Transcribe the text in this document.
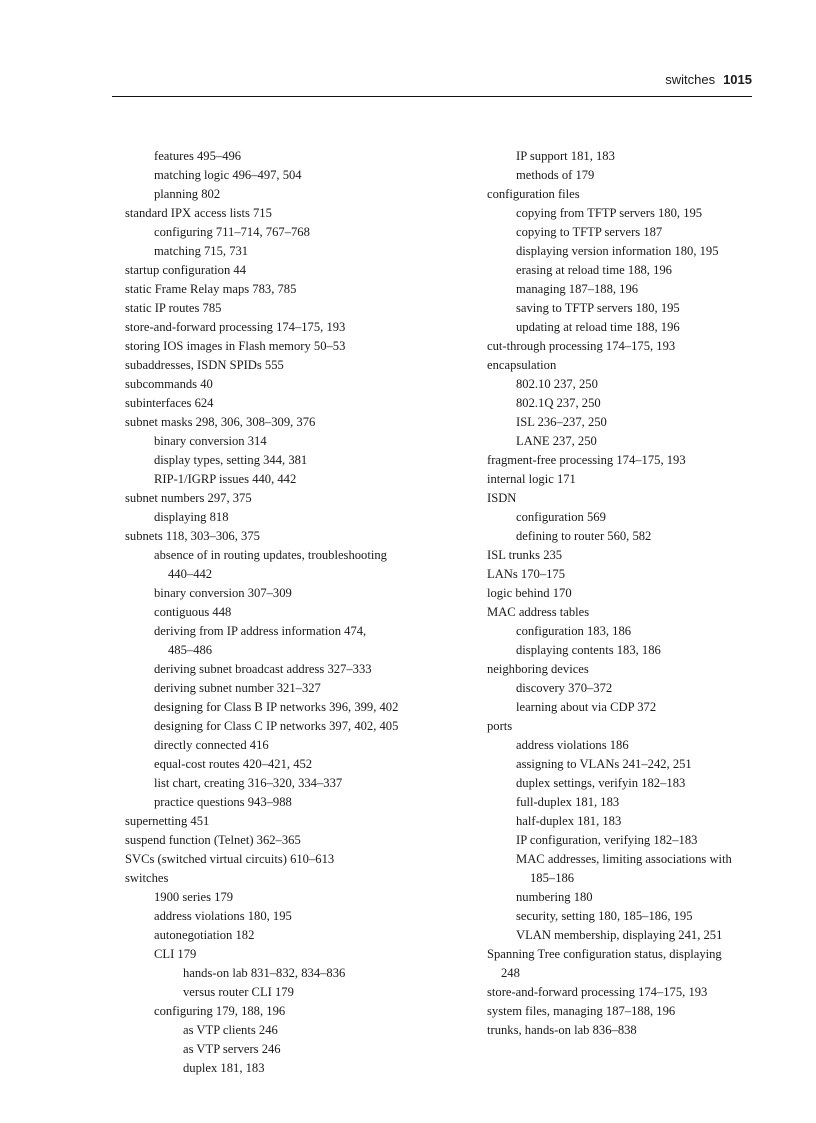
switches 1015
features 495–496
matching logic 496–497, 504
planning 802
standard IPX access lists 715
configuring 711–714, 767–768
matching 715, 731
startup configuration 44
static Frame Relay maps 783, 785
static IP routes 785
store-and-forward processing 174–175, 193
storing IOS images in Flash memory 50–53
subaddresses, ISDN SPIDs 555
subcommands 40
subinterfaces 624
subnet masks 298, 306, 308–309, 376
binary conversion 314
display types, setting 344, 381
RIP-1/IGRP issues 440, 442
subnet numbers 297, 375
displaying 818
subnets 118, 303–306, 375
absence of in routing updates, troubleshooting
440–442
binary conversion 307–309
contiguous 448
deriving from IP address information 474,
485–486
deriving subnet broadcast address 327–333
deriving subnet number 321–327
designing for Class B IP networks 396, 399, 402
designing for Class C IP networks 397, 402, 405
directly connected 416
equal-cost routes 420–421, 452
list chart, creating 316–320, 334–337
practice questions 943–988
supernetting 451
suspend function (Telnet) 362–365
SVCs (switched virtual circuits) 610–613
switches
1900 series 179
address violations 180, 195
autonegotiation 182
CLI 179
hands-on lab 831–832, 834–836
versus router CLI 179
configuring 179, 188, 196
as VTP clients 246
as VTP servers 246
duplex 181, 183
IP support 181, 183
methods of 179
configuration files
copying from TFTP servers 180, 195
copying to TFTP servers 187
displaying version information 180, 195
erasing at reload time 188, 196
managing 187–188, 196
saving to TFTP servers 180, 195
updating at reload time 188, 196
cut-through processing 174–175, 193
encapsulation
802.10 237, 250
802.1Q 237, 250
ISL 236–237, 250
LANE 237, 250
fragment-free processing 174–175, 193
internal logic 171
ISDN
configuration 569
defining to router 560, 582
ISL trunks 235
LANs 170–175
logic behind 170
MAC address tables
configuration 183, 186
displaying contents 183, 186
neighboring devices
discovery 370–372
learning about via CDP 372
ports
address violations 186
assigning to VLANs 241–242, 251
duplex settings, verifyin 182–183
full-duplex 181, 183
half-duplex 181, 183
IP configuration, verifying 182–183
MAC addresses, limiting associations with
185–186
numbering 180
security, setting 180, 185–186, 195
VLAN membership, displaying 241, 251
Spanning Tree configuration status, displaying
248
store-and-forward processing 174–175, 193
system files, managing 187–188, 196
trunks, hands-on lab 836–838
